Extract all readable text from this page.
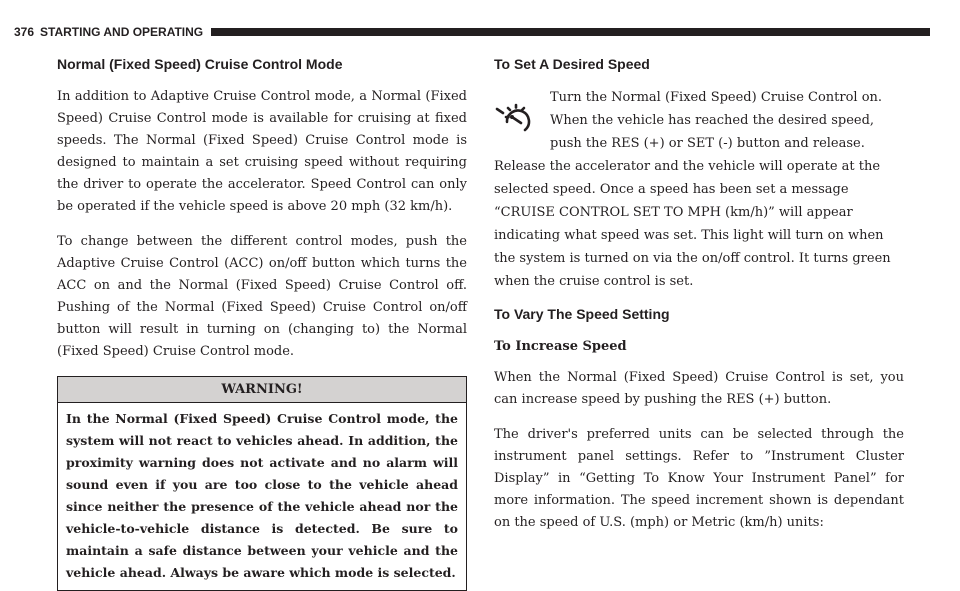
376 STARTING AND OPERATING
Normal (Fixed Speed) Cruise Control Mode

In addition to Adaptive Cruise Control mode, a Normal (Fixed Speed) Cruise Control mode is available for cruising at fixed speeds. The Normal (Fixed Speed) Cruise Control mode is designed to maintain a set cruising speed without requiring the driver to operate the accelerator. Speed Control can only be operated if the vehicle speed is above 20 mph (32 km/h).

To change between the different control modes, push the Adaptive Cruise Control (ACC) on/off button which turns the ACC on and the Normal (Fixed Speed) Cruise Control off. Pushing of the Normal (Fixed Speed) Cruise Control on/off button will result in turning on (changing to) the Normal (Fixed Speed) Cruise Control mode.

WARNING!
In the Normal (Fixed Speed) Cruise Control mode, the system will not react to vehicles ahead. In addition, the proximity warning does not activate and no alarm will sound even if you are too close to the vehicle ahead since neither the presence of the vehicle ahead nor the vehicle-to-vehicle distance is detected. Be sure to maintain a safe distance between your vehicle and the vehicle ahead. Always be aware which mode is selected.
To Set A Desired Speed
Turn the Normal (Fixed Speed) Cruise Control on. When the vehicle has reached the desired speed, push the RES (+) or SET (-) button and release. Release the accelerator and the vehicle will operate at the selected speed. Once a speed has been set a message “CRUISE CONTROL SET TO MPH (km/h)” will appear indicating what speed was set. This light will turn on when the system is turned on via the on/off control. It turns green when the cruise control is set.
To Vary The Speed Setting

To Increase Speed

When the Normal (Fixed Speed) Cruise Control is set, you can increase speed by pushing the RES (+) button.

The driver's preferred units can be selected through the instrument panel settings. Refer to ”Instrument Cluster Display” in “Getting To Know Your Instrument Panel” for more information. The speed increment shown is dependant on the speed of U.S. (mph) or Metric (km/h) units:
